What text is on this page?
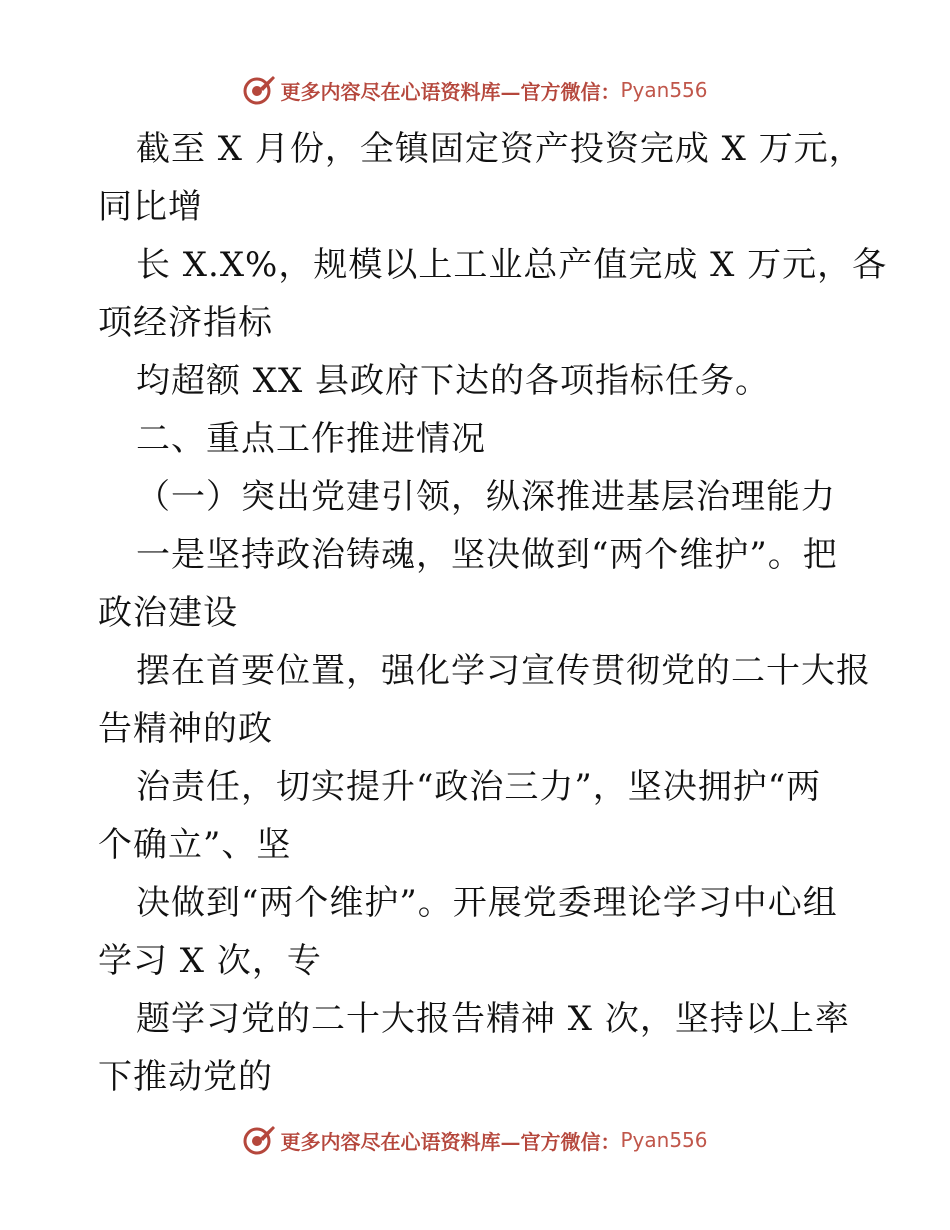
更多内容尽在心语资料库—官方微信： Pyan556
截至 X 月份，全镇固定资产投资完成 X 万元，
同比增
长 X.X%，规模以上工业总产值完成 X 万元，各
项经济指标
均超额 XX 县政府下达的各项指标任务。
二、重点工作推进情况
（一）突出党建引领，纵深推进基层治理能力
一是坚持政治铸魂，坚决做到“两个维护”。把
政治建设
摆在首要位置，强化学习宣传贯彻党的二十大报
告精神的政
治责任，切实提升“政治三力”，坚决拥护“两
个确立”、坚
决做到“两个维护”。开展党委理论学习中心组
学习 X 次，专
题学习党的二十大报告精神 X 次，坚持以上率
下推动党的
更多内容尽在心语资料库—官方微信： Pyan556
